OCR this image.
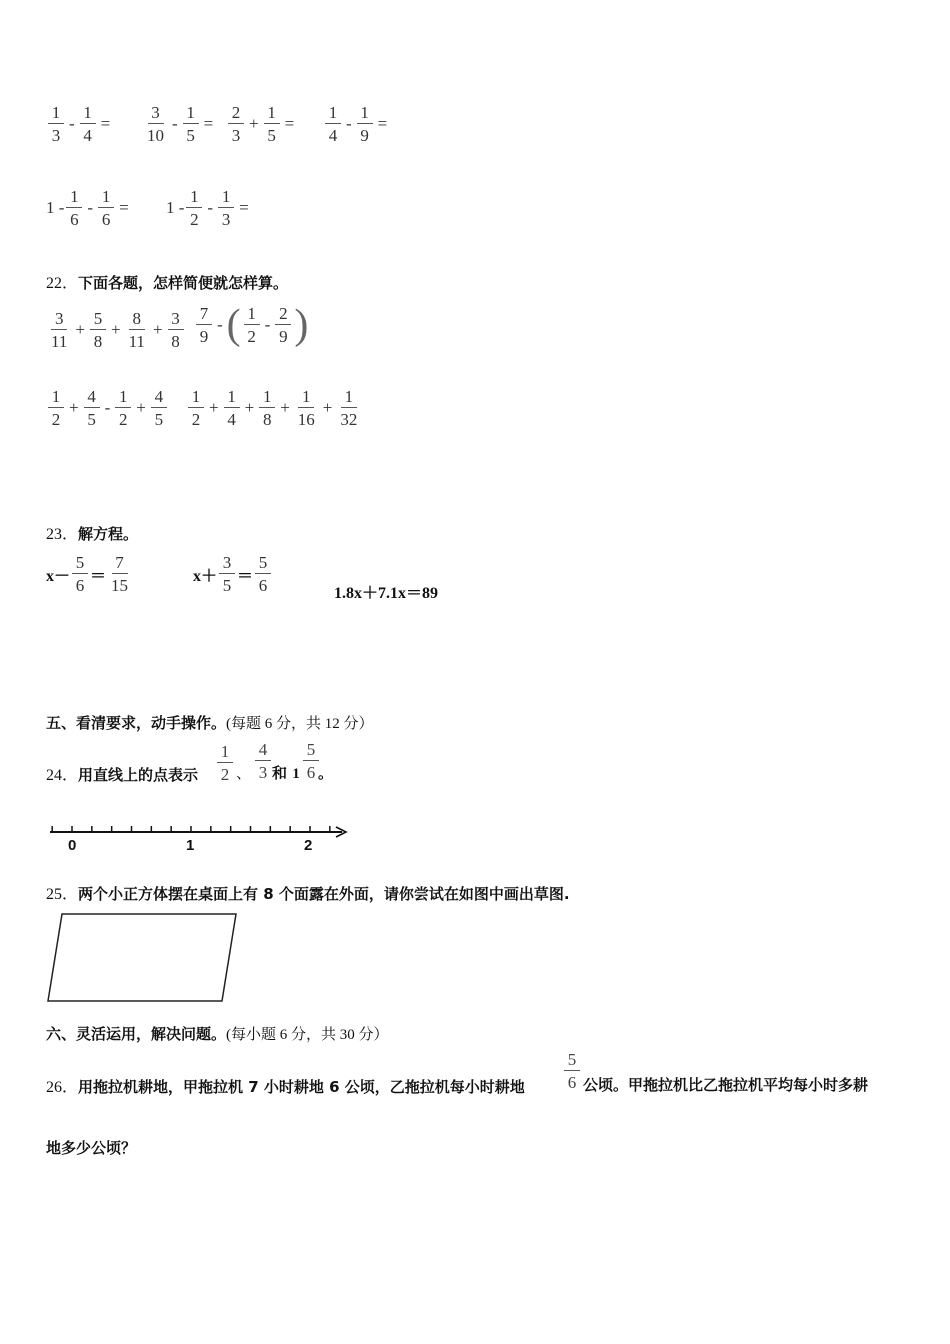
$\frac{1}{3} - \frac{1}{4} = \frac{3}{10} - \frac{1}{5} = \frac{2}{3} + \frac{1}{5} = \frac{1}{4} - \frac{1}{9}$ =
$1 - \frac{1}{6} - \frac{1}{6} = 1 - \frac{1}{2} - \frac{1}{3}$ =
22．下面各题，怎样简便就怎样算。
$\frac{3}{11} + \frac{5}{8} + \frac{8}{11} + \frac{3}{8} \frac{7}{9}$ - ( $\frac{1}{2} - \frac{2}{9}$ )
$\frac{1}{2} + \frac{4}{5} - \frac{1}{2} + \frac{4}{5} \frac{1}{2} + \frac{1}{4} + \frac{1}{8} + \frac{1}{16} + \frac{1}{32}$
23．解方程。
$x- \frac{5}{6} = \frac{7}{15}$	$x+ \frac{3}{5} = \frac{5}{6}$	1.8x＋7.1x＝89
五、看清要求，动手操作。(每题 6 分，共 12 分）
24．用直线上的点表示 $\frac{1}{2}$ 、 $\frac{4}{3}$ 和 $1 \frac{5}{6}$ 。
0	1	2
25．两个小正方体摆在桌面上有 8 个面露在外面，请你尝试在如图中画出草图.
六、灵活运用，解决问题。(每小题 6 分，共 30 分）
26．用拖拉机耕地，甲拖拉机 7 小时耕地 6 公顷，乙拖拉机每小时耕地 $\frac{5}{6}$ 公顷。甲拖拉机比乙拖拉机平均每小时多耕
地多少公顷？
